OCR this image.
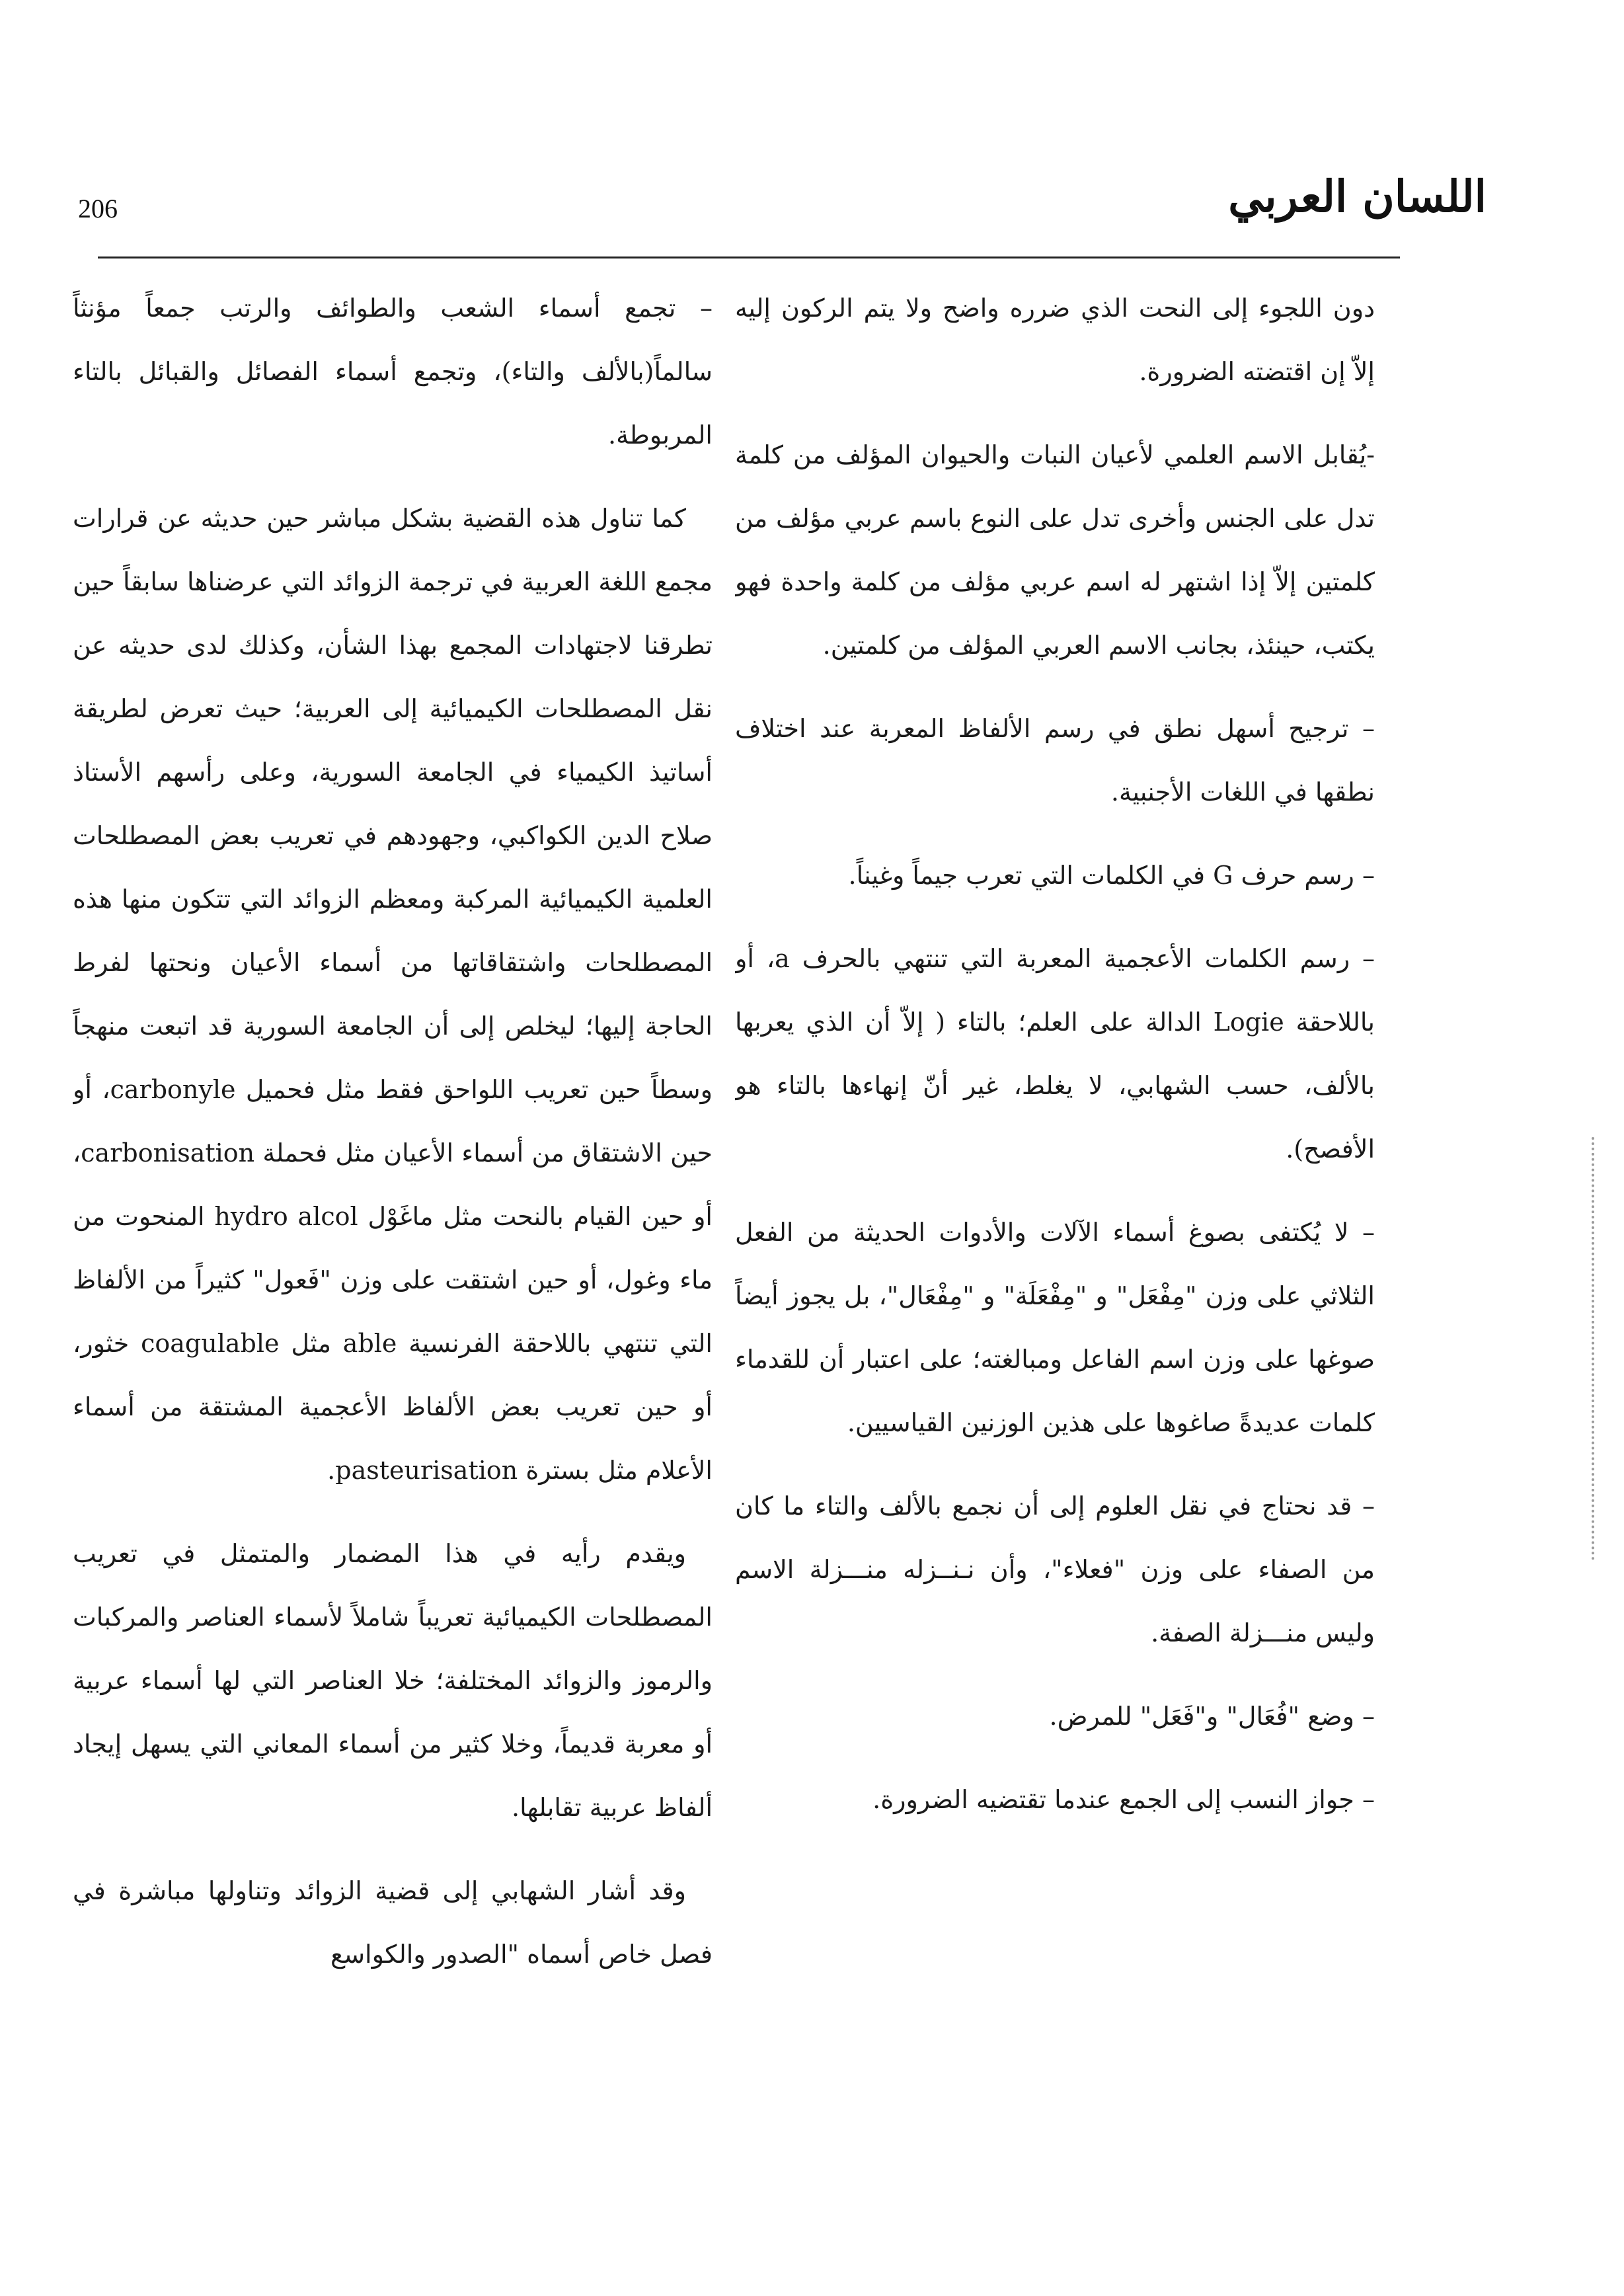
206	اللسان العربي

دون اللجوء إلى النحت الذي ضرره واضح ولا يتم الركون إليه إلاّ إن اقتضته الضرورة.

-يُقابل الاسم العلمي لأعيان النبات والحيوان المؤلف من كلمة تدل على الجنس وأخرى تدل على النوع باسم عربي مؤلف من كلمتين إلاّ إذا اشتهر له اسم عربي مؤلف من كلمة واحدة فهو يكتب، حينئذ، بجانب الاسم العربي المؤلف من كلمتين.

– ترجيح أسهل نطق في رسم الألفاظ المعربة عند اختلاف نطقها في اللغات الأجنبية.

– رسم حرف G في الكلمات التي تعرب جيماً وغيناً.

– رسم الكلمات الأعجمية المعربة التي تنتهي بالحرف a، أو باللاحقة Logie الدالة على العلم؛ بالتاء ( إلاّ أن الذي يعربها بالألف، حسب الشهابي، لا يغلط، غير أنّ إنهاءها بالتاء هو الأفصح).

– لا يُكتفى بصوغ أسماء الآلات والأدوات الحديثة من الفعل الثلاثي على وزن "مِفْعَل" و "مِفْعَلَة" و "مِفْعَال"، بل يجوز أيضاً صوغها على وزن اسم الفاعل ومبالغته؛ على اعتبار أن للقدماء كلمات عديدةً صاغوها على هذين الوزنين القياسيين.

– قد نحتاج في نقل العلوم إلى أن نجمع بالألف والتاء ما كان من الصفاء على وزن "فعلاء"، وأن نـنــزله منـــزلة الاسم وليس منـــزلة الصفة.

– وضع "فُعَال" و"فَعَل" للمرض.

– جواز النسب إلى الجمع عندما تقتضيه الضرورة.

– تجمع أسماء الشعب والطوائف والرتب جمعاً مؤنثاً سالماً(بالألف والتاء)، وتجمع أسماء الفصائل والقبائل بالتاء المربوطة.

كما تناول هذه القضية بشكل مباشر حين حديثه عن قرارات مجمع اللغة العربية في ترجمة الزوائد التي عرضناها سابقاً حين تطرقنا لاجتهادات المجمع بهذا الشأن، وكذلك لدى حديثه عن نقل المصطلحات الكيميائية إلى العربية؛ حيث تعرض لطريقة أساتيذ الكيمياء في الجامعة السورية، وعلى رأسهم الأستاذ صلاح الدين الكواكبي، وجهودهم في تعريب بعض المصطلحات العلمية الكيميائية المركبة ومعظم الزوائد التي تتكون منها هذه المصطلحات واشتقاقاتها من أسماء الأعيان ونحتها لفرط الحاجة إليها؛ ليخلص إلى أن الجامعة السورية قد اتبعت منهجاً وسطاً حين تعريب اللواحق فقط مثل فحميل carbonyle، أو حين الاشتقاق من أسماء الأعيان مثل فحملة carbonisation، أو حين القيام بالنحت مثل ماغَوْل hydro alcol المنحوت من ماء وغول، أو حين اشتقت على وزن "فَعول" كثيراً من الألفاظ التي تنتهي باللاحقة الفرنسية able مثل coagulable خثور، أو حين تعريب بعض الألفاظ الأعجمية المشتقة من أسماء الأعلام مثل بسترة pasteurisation.

ويقدم رأيه في هذا المضمار والمتمثل في تعريب المصطلحات الكيميائية تعريباً شاملاً لأسماء العناصر والمركبات والرموز والزوائد المختلفة؛ خلا العناصر التي لها أسماء عربية أو معربة قديماً، وخلا كثير من أسماء المعاني التي يسهل إيجاد ألفاظ عربية تقابلها.

وقد أشار الشهابي إلى قضية الزوائد وتناولها مباشرة في فصل خاص أسماه "الصدور والكواسع
